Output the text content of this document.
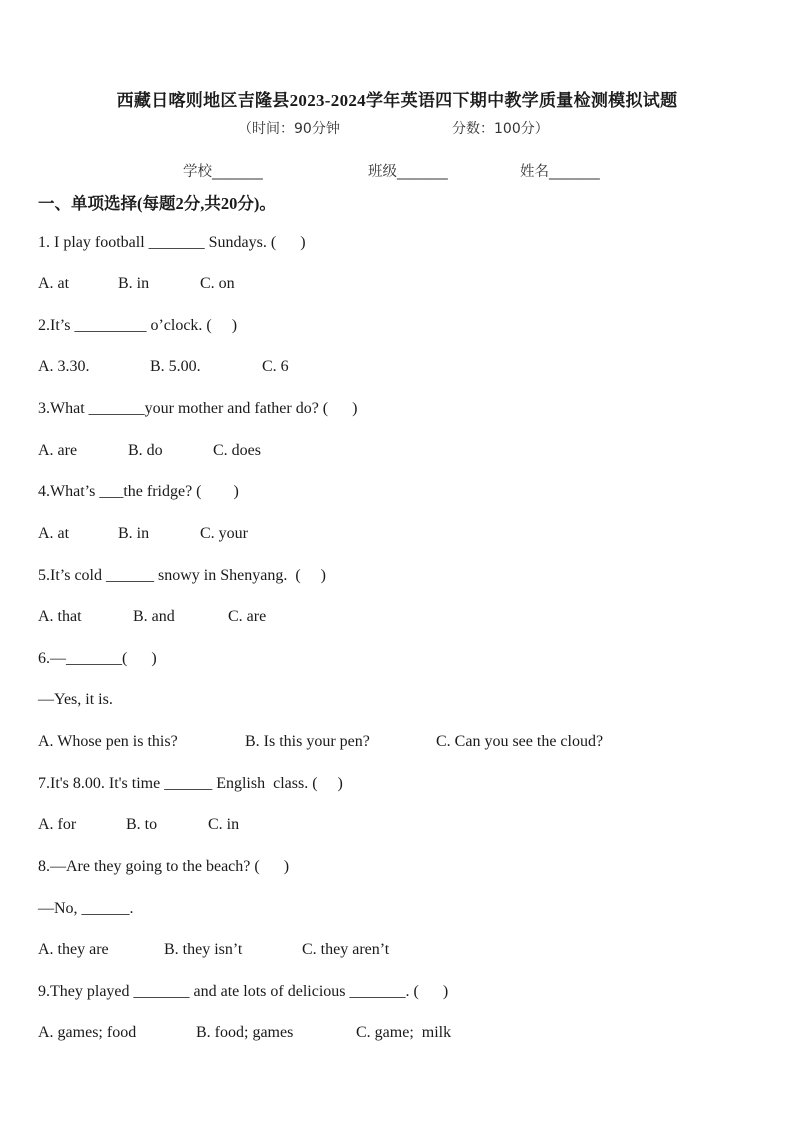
西藏日喀则地区吉隆县2023-2024学年英语四下期中教学质量检测模拟试题
（时间：90分钟	分数：100分）
学校_______	班级_______	姓名_______
一、单项选择(每题2分,共20分)。
1. I play football _______ Sundays. (      )
A. at	B. in	C. on
2.It’s _________ o’clock. (     )
A. 3.30.	B. 5.00.	C. 6
3.What _______your mother and father do? (      )
A. are	B. do	C. does
4.What’s ___the fridge? (        )
A. at	B. in	C. your
5.It’s cold ______ snowy in Shenyang.  (     )
A. that	B. and	C. are
6.—_______(      )
—Yes, it is.
A. Whose pen is this?	B. Is this your pen?	C. Can you see the cloud?
7.It's 8.00. It's time ______ English  class. (     )
A. for	B. to	C. in
8.—Are they going to the beach? (      )
—No, ______.
A. they are	B. they isn’t	C. they aren’t
9.They played _______ and ate lots of delicious _______. (      )
A. games; food	B. food; games	C. game;  milk
